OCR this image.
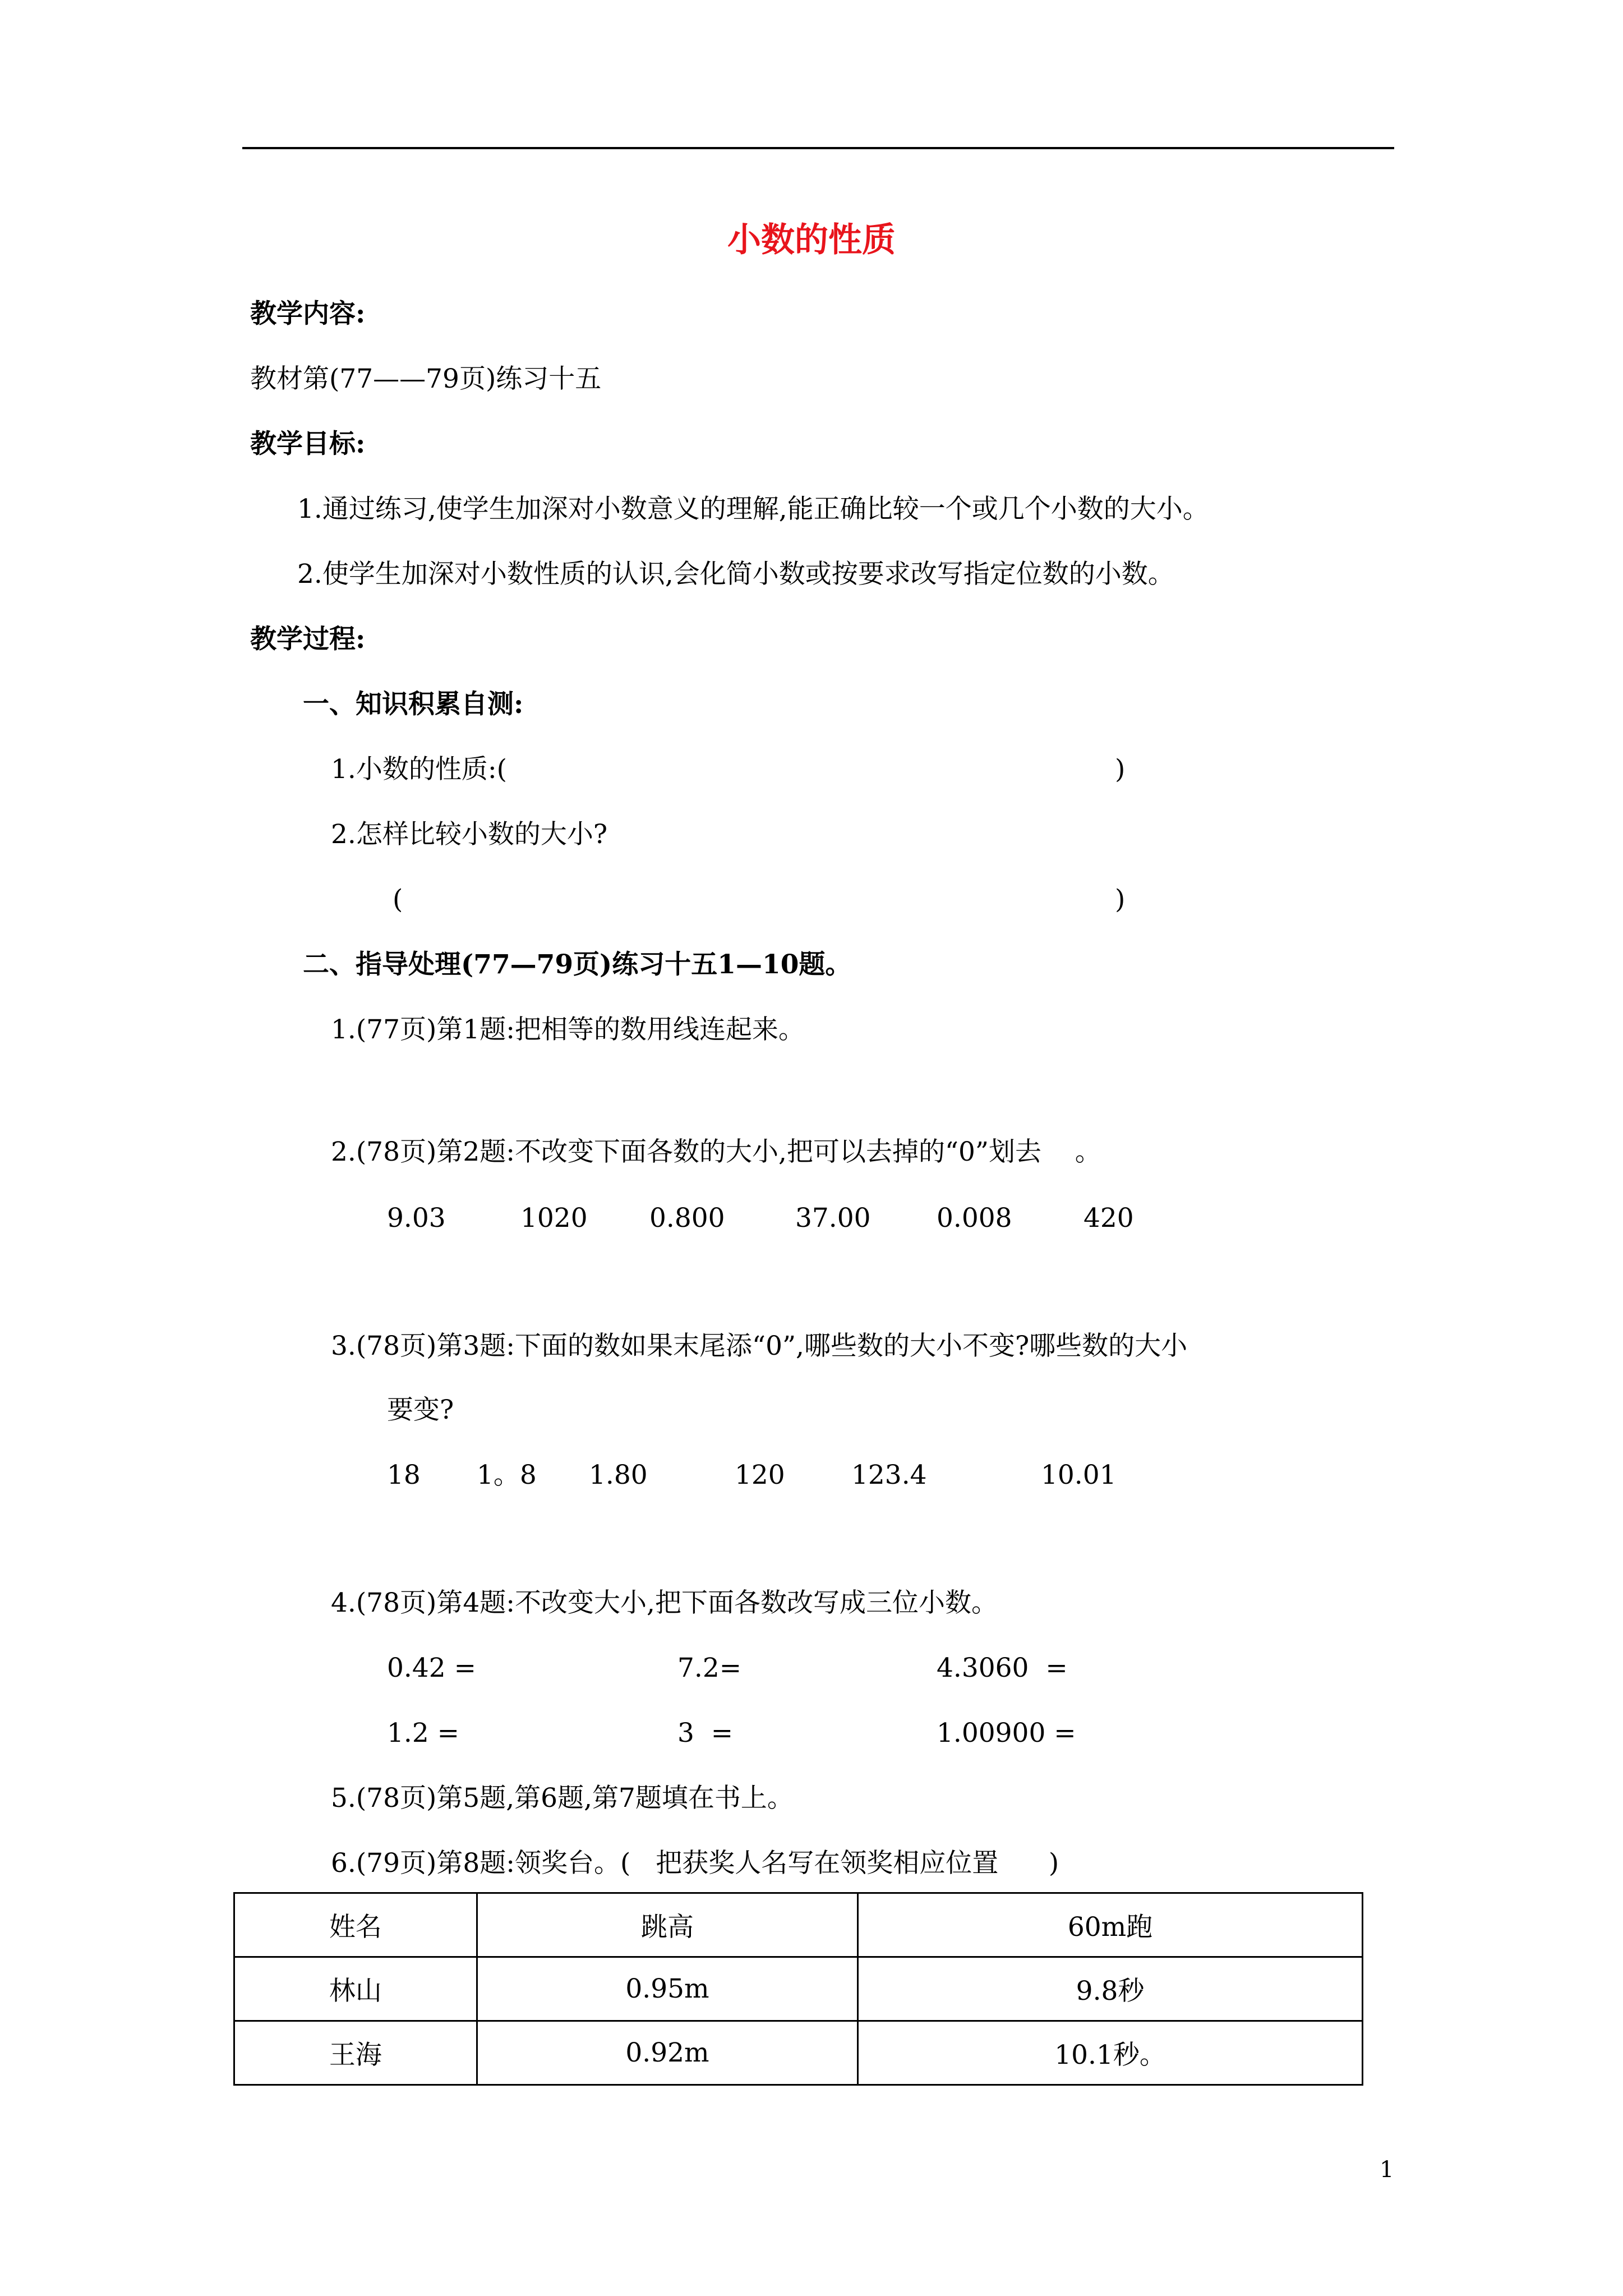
小数的性质
教学内容:
教材第(77——79页)练习十五
教学目标:
1.通过练习,使学生加深对小数意义的理解,能正确比较一个或几个小数的大小。
2.使学生加深对小数性质的认识,会化简小数或按要求改写指定位数的小数。
教学过程:
一、知识积累自测:
1.小数的性质:(	)
2.怎样比较小数的大小?
(	)
二、指导处理(77—79页)练习十五1—10题。
1.(77页)第1题:把相等的数用线连起来。
2.(78页)第2题:不改变下面各数的大小,把可以去掉的“0”划去    。
9.03	1020 0.800	37.00 0.008	420
3.(78页)第3题:下面的数如果末尾添“0”,哪些数的大小不变?哪些数的大小
要变?
18 1。8 1.80	120	123.4	10.01
4.(78页)第4题:不改变大小,把下面各数改写成三位小数。
0.42 =	7.2=	4.3060  =
1.2 =	3  =	1.00900 =
5.(78页)第5题,第6题,第7题填在书上。
6.(79页)第8题:领奖台。(   把获奖人名写在领奖相应位置      )
姓名	跳高	60m跑
林山	0.95m	9.8秒
王海	0.92m	10.1秒。
1
